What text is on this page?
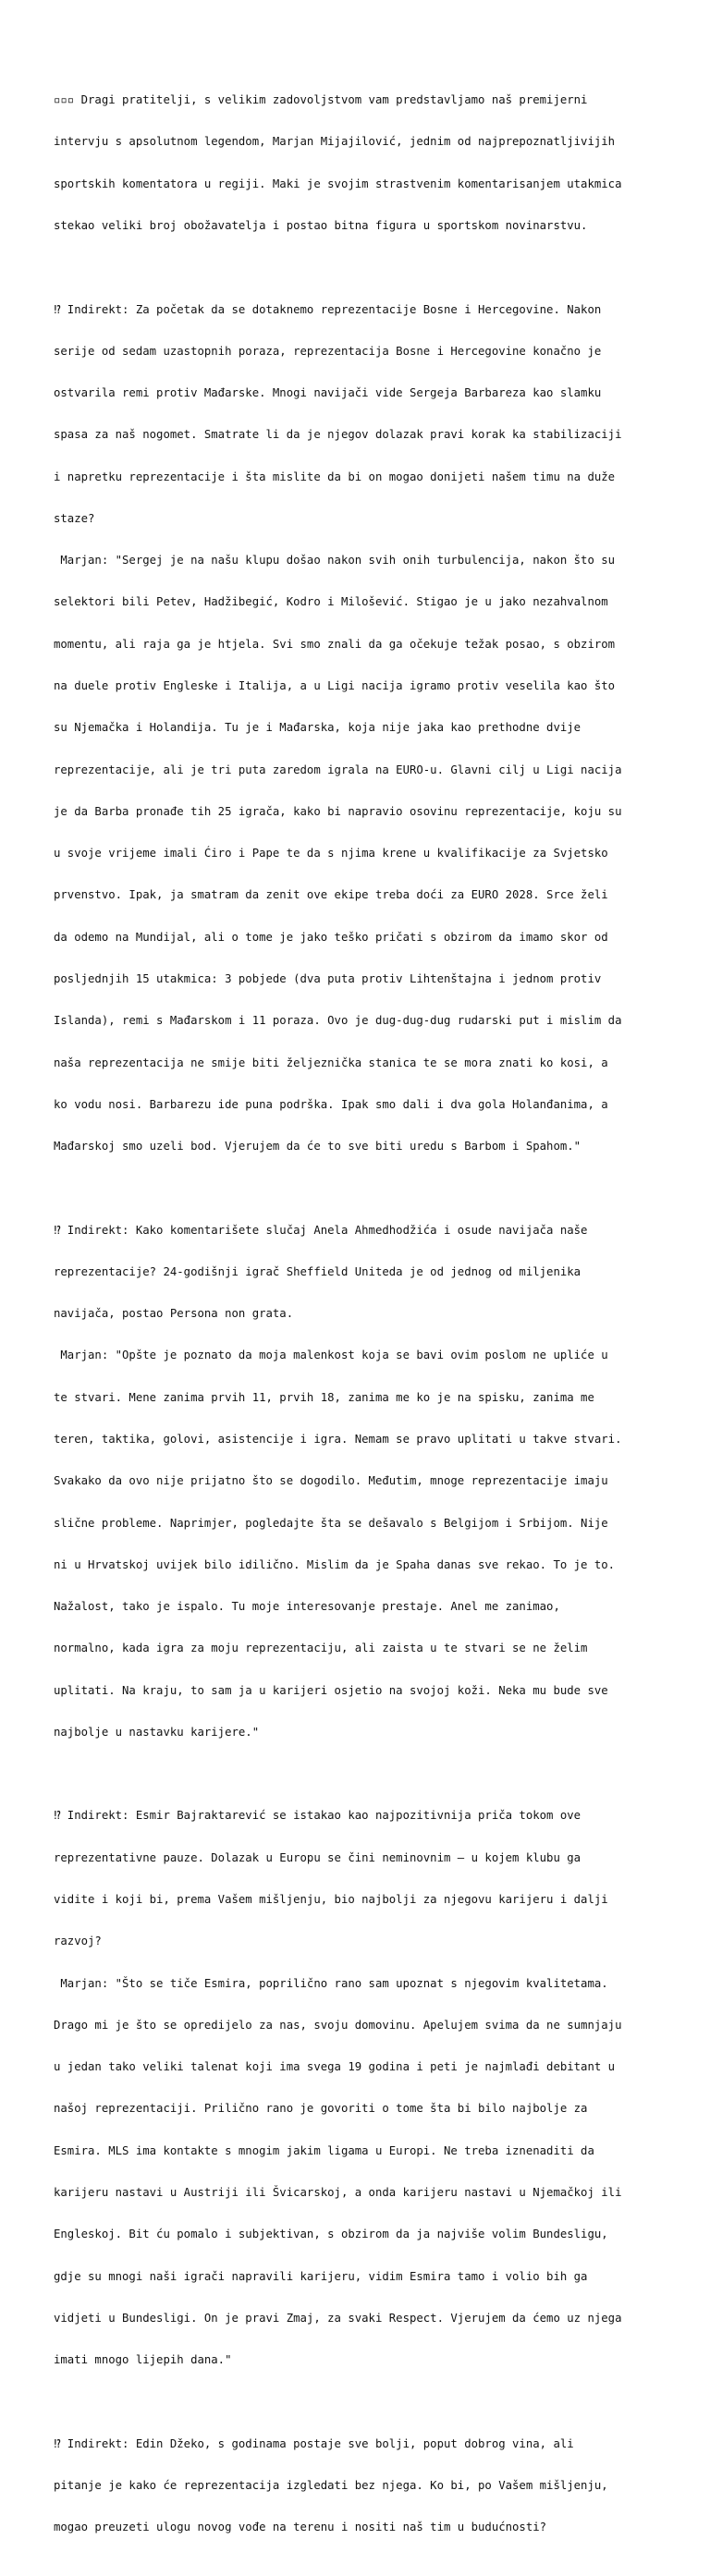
▫▫▫ Dragi pratitelji, s velikim zadovoljstvom vam predstavljamo naš premijerni

intervju s apsolutnom legendom, Marjan Mijajilović, jednim od najprepoznatljivijih

sportskih komentatora u regiji. Maki je svojim strastvenim komentarisanjem utakmica

stekao veliki broj obožavatelja i postao bitna figura u sportskom novinarstvu.

⁉ Indirekt: Za početak da se dotaknemo reprezentacije Bosne i Hercegovine. Nakon

serije od sedam uzastopnih poraza, reprezentacija Bosne i Hercegovine konačno je

ostvarila remi protiv Mađarske. Mnogi navijači vide Sergeja Barbareza kao slamku

spasa za naš nogomet. Smatrate li da je njegov dolazak pravi korak ka stabilizaciji

i napretku reprezentacije i šta mislite da bi on mogao donijeti našem timu na duže

staze?

Marjan: "Sergej je na našu klupu došao nakon svih onih turbulencija, nakon što su

selektori bili Petev, Hadžibegić, Kodro i Milošević. Stigao je u jako nezahvalnom

momentu, ali raja ga je htjela. Svi smo znali da ga očekuje težak posao, s obzirom

na duele protiv Engleske i Italija, a u Ligi nacija igramo protiv veselila kao što

su Njemačka i Holandija. Tu je i Mađarska, koja nije jaka kao prethodne dvije

reprezentacije, ali je tri puta zaredom igrala na EURO-u. Glavni cilj u Ligi nacija

je da Barba pronađe tih 25 igrača, kako bi napravio osovinu reprezentacije, koju su

u svoje vrijeme imali Ćiro i Pape te da s njima krene u kvalifikacije za Svjetsko

prvenstvo. Ipak, ja smatram da zenit ove ekipe treba doći za EURO 2028. Srce želi

da odemo na Mundijal, ali o tome je jako teško pričati s obzirom da imamo skor od

posljednjih 15 utakmica: 3 pobjede (dva puta protiv Lihtenštajna i jednom protiv

Islanda), remi s Mađarskom i 11 poraza. Ovo je dug-dug-dug rudarski put i mislim da

naša reprezentacija ne smije biti željeznička stanica te se mora znati ko kosi, a

ko vodu nosi. Barbarezu ide puna podrška. Ipak smo dali i dva gola Holanđanima, a

Mađarskoj smo uzeli bod. Vjerujem da će to sve biti uredu s Barbom i Spahom."

⁉ Indirekt: Kako komentarišete slučaj Anela Ahmedhodžića i osude navijača naše

reprezentacije? 24-godišnji igrač Sheffield Uniteda je od jednog od miljenika

navijača, postao Persona non grata.

Marjan: "Opšte je poznato da moja malenkost koja se bavi ovim poslom ne upliće u

te stvari. Mene zanima prvih 11, prvih 18, zanima me ko je na spisku, zanima me

teren, taktika, golovi, asistencije i igra. Nemam se pravo uplitati u takve stvari.

Svakako da ovo nije prijatno što se dogodilo. Međutim, mnoge reprezentacije imaju

slične probleme. Naprimjer, pogledajte šta se dešavalo s Belgijom i Srbijom. Nije

ni u Hrvatskoj uvijek bilo idilično. Mislim da je Spaha danas sve rekao. To je to.

Nažalost, tako je ispalo. Tu moje interesovanje prestaje. Anel me zanimao,

normalno, kada igra za moju reprezentaciju, ali zaista u te stvari se ne želim

uplitati. Na kraju, to sam ja u karijeri osjetio na svojoj koži. Neka mu bude sve

najbolje u nastavku karijere."

⁉ Indirekt: Esmir Bajraktarević se istakao kao najpozitivnija priča tokom ove

reprezentativne pauze. Dolazak u Europu se čini neminovnim – u kojem klubu ga

vidite i koji bi, prema Vašem mišljenju, bio najbolji za njegovu karijeru i dalji

razvoj?

Marjan: "Što se tiče Esmira, poprilično rano sam upoznat s njegovim kvalitetama.

Drago mi je što se opredijelo za nas, svoju domovinu. Apelujem svima da ne sumnjaju

u jedan tako veliki talenat koji ima svega 19 godina i peti je najmlađi debitant u

našoj reprezentaciji. Prilično rano je govoriti o tome šta bi bilo najbolje za

Esmira. MLS ima kontakte s mnogim jakim ligama u Europi. Ne treba iznenaditi da

karijeru nastavi u Austriji ili Švicarskoj, a onda karijeru nastavi u Njemačkoj ili

Engleskoj. Bit ću pomalo i subjektivan, s obzirom da ja najviše volim Bundesligu,

gdje su mnogi naši igrači napravili karijeru, vidim Esmira tamo i volio bih ga

vidjeti u Bundesligi. On je pravi Zmaj, za svaki Respect. Vjerujem da ćemo uz njega

imati mnogo lijepih dana."

⁉ Indirekt: Edin Džeko, s godinama postaje sve bolji, poput dobrog vina, ali

pitanje je kako će reprezentacija izgledati bez njega. Ko bi, po Vašem mišljenju,

mogao preuzeti ulogu novog vođe na terenu i nositi naš tim u budućnosti?
